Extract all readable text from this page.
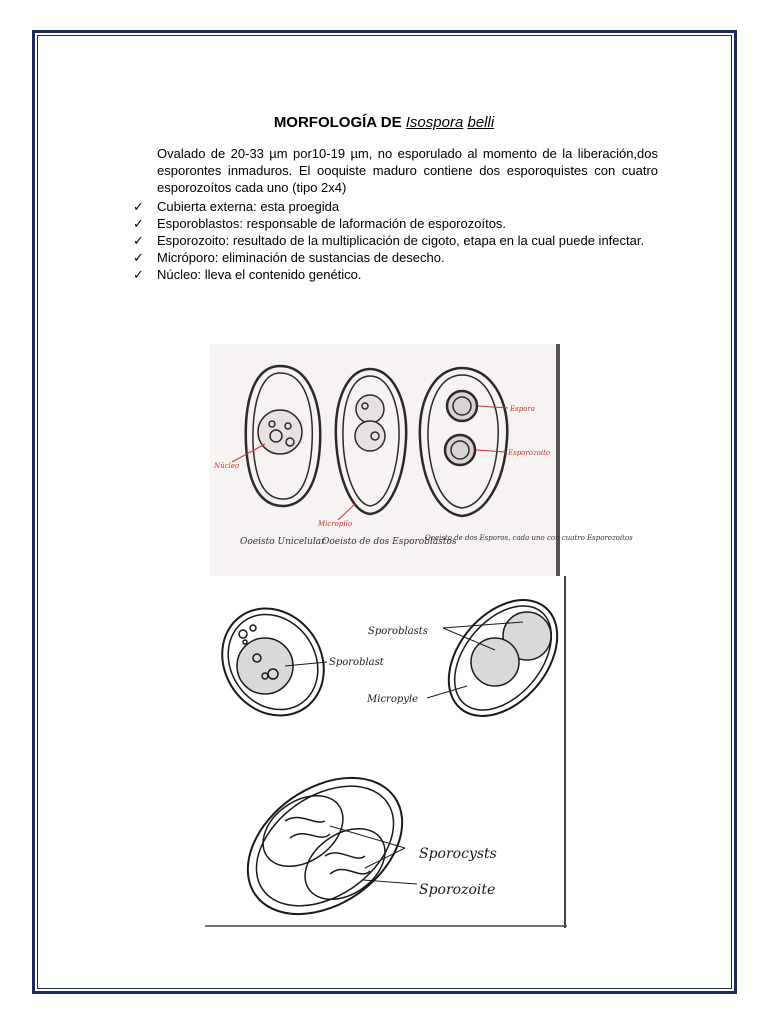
MORFOLOGÍA DE Isospora belli
Ovalado de 20-33 µm por10-19 µm, no esporulado al momento de la liberación,dos esporontes inmaduros. El ooquiste maduro contiene dos esporoquistes con cuatro esporozoítos cada uno (tipo 2x4)
✓ Cubierta externa: esta proegida
✓ Esporoblastos: responsable de laformación de esporozoítos.
✓ Esporozoito: resultado de la multiplicación de cigoto, etapa en la cual puede infectar.
✓ Micróporo: eliminación de sustancias de desecho.
✓ Núcleo: lleva el contenido genético.
Núcleo
Micropilo
Espora
Esporozoito
Ooeisto Unicelular
Ooeisto de dos Esporoblastos
Ooeisto de dos Esporos, cada uno con cuatro Esporozoitos
Sporoblasts
Sporoblast
Micropyle
Sporocysts
Sporozoite
